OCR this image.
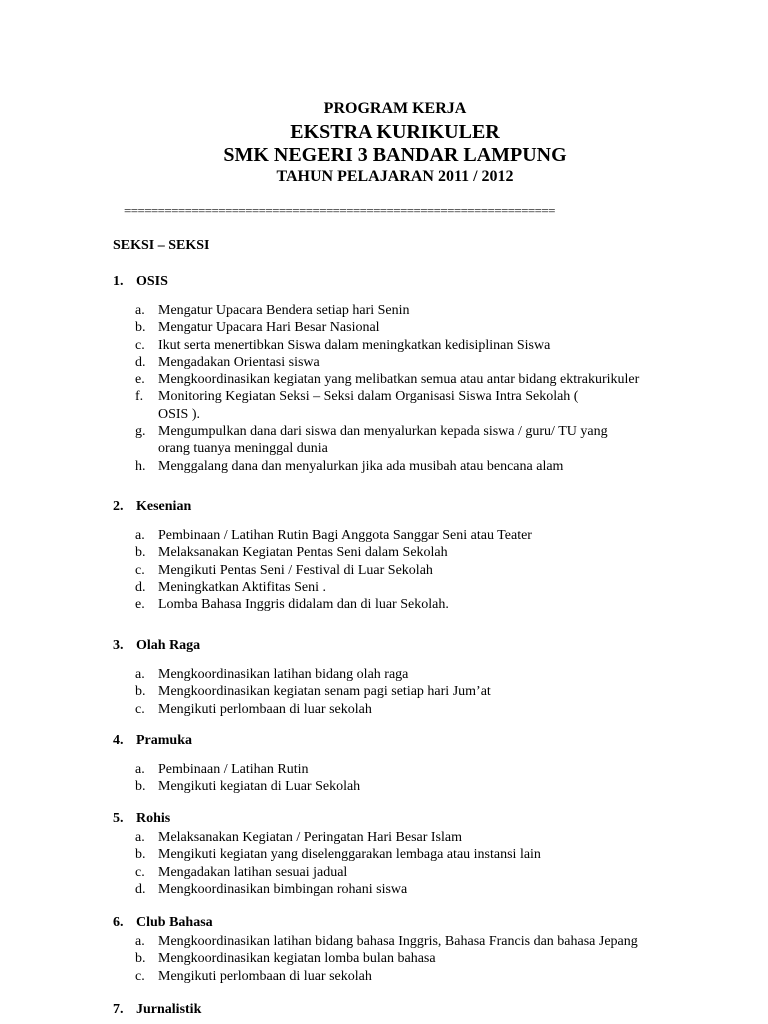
PROGRAM KERJA
EKSTRA KURIKULER
SMK NEGERI 3 BANDAR LAMPUNG
TAHUN PELAJARAN 2011 / 2012
================================================================
SEKSI – SEKSI
1. OSIS
a. Mengatur Upacara Bendera setiap hari Senin
b. Mengatur Upacara Hari Besar Nasional
c. Ikut serta menertibkan Siswa dalam meningkatkan kedisiplinan Siswa
d. Mengadakan Orientasi siswa
e. Mengkoordinasikan kegiatan yang melibatkan semua atau antar bidang ektrakurikuler
f. Monitoring Kegiatan Seksi – Seksi dalam Organisasi Siswa Intra Sekolah ( OSIS ).
g. Mengumpulkan dana dari siswa dan menyalurkan kepada siswa / guru/ TU yang orang tuanya meninggal dunia
h. Menggalang dana dan menyalurkan jika ada musibah atau bencana alam
2. Kesenian
a. Pembinaan / Latihan Rutin Bagi Anggota Sanggar Seni atau Teater
b. Melaksanakan Kegiatan Pentas Seni dalam Sekolah
c. Mengikuti Pentas Seni / Festival di Luar Sekolah
d. Meningkatkan Aktifitas Seni .
e. Lomba Bahasa Inggris didalam dan di luar Sekolah.
3. Olah Raga
a. Mengkoordinasikan latihan bidang olah raga
b. Mengkoordinasikan kegiatan senam pagi setiap hari Jum’at
c. Mengikuti perlombaan di luar sekolah
4. Pramuka
a. Pembinaan / Latihan Rutin
b. Mengikuti kegiatan di Luar Sekolah
5. Rohis
a. Melaksanakan Kegiatan / Peringatan Hari Besar Islam
b. Mengikuti kegiatan yang diselenggarakan lembaga atau instansi lain
c. Mengadakan latihan sesuai jadual
d. Mengkoordinasikan bimbingan rohani siswa
6. Club Bahasa
a. Mengkoordinasikan latihan bidang bahasa Inggris, Bahasa Francis dan bahasa Jepang
b. Mengkoordinasikan kegiatan lomba bulan bahasa
c. Mengikuti perlombaan di luar sekolah
7. Jurnalistik
